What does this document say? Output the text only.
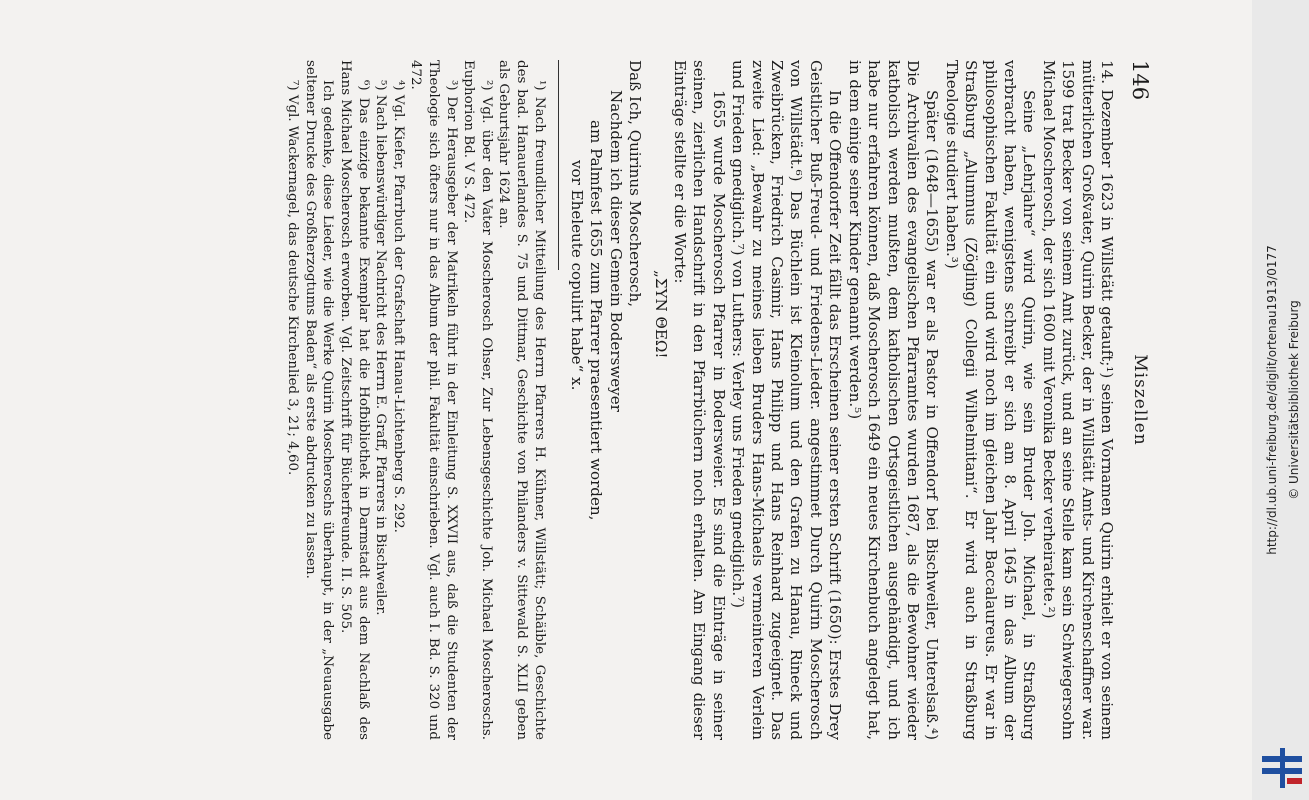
146
Miszellen

14. Dezember 1623 in Willstätt getauft;¹) seinen Vornamen Quirin erhielt er von seinem mütterlichen Großvater, Quirin Becker, der in Willstätt Amts- und Kirchenschaffner war. 1599 trat Becker von seinem Amt zurück, und an seine Stelle kam sein Schwiegersohn Michael Moscherosch, der sich 1600 mit Veronika Becker verheiratete.²)

Seine „Lehrjahre“ wird Quirin, wie sein Bruder Joh. Michael, in Straßburg verbracht haben, wenigstens schreibt er sich am 8. April 1645 in das Album der philosophischen Fakultät ein und wird noch im gleichen Jahr Baccalaureus. Er war in Straßburg „Alumnus (Zögling) Collegii Wilhelmitani“. Er wird auch in Straßburg Theologie studiert haben.³)

Später (1648—1655) war er als Pastor in Offendorf bei Bischweiler, Unterelsaß.⁴) Die Archivalien des evangelischen Pfarramtes wurden 1687, als die Bewohner wieder katholisch werden mußten, dem katholischen Ortsgeistlichen ausgehändigt, und ich habe nur erfahren können, daß Moscherosch 1649 ein neues Kirchenbuch angelegt hat, in dem einige seiner Kinder genannt werden.⁵)

In die Offendorfer Zeit fällt das Erscheinen seiner ersten Schrift (1650): Erstes Drey Geistlicher Buß-Freud- und Friedens-Lieder. angestimmet Durch Quirin Moscherosch von Willstädt.⁶) Das Büchlein ist Kleinolum und den Grafen zu Hanau, Rineck und Zweibrücken, Friedrich Casimir, Hans Philipp und Hans Reinhard zugeeignet. Das zweite Lied: „Bewahr zu meines lieben Bruders Hans-Michaels vermeinteren Verlein und Frieden gnediglich.⁷) von Luthers: Verley uns Frieden gnediglich.⁷)

1655 wurde Moscherosch Pfarrer in Bodersweier. Es sind die Einträge in seiner seinen, zierlichen Handschrift in den Pfarrbüchern noch erhalten. Am Eingang dieser Einträge stellte er die Worte:

„ΣΥΝ ΘΕΩ!

Daß Ich, Quirinus Moscherosch,
Nachdem ich dieser Gemein Bodersweyer
am Palmfest 1655 zum Pfarrer praesentiert worden,
vor Eheleute copulirt habe“ x.

¹) Nach freundlicher Mitteilung des Herrn Pfarrers H. Kühner, Willstätt; Schäible, Geschichte des bad. Hanauerlandes S. 75 und Dittmar, Geschichte von Philanders v. Sittewald S. XLII geben als Geburtsjahr 1624 an.

²) Vgl. über den Vater Moscherosch Ohser, Zur Lebensgeschichte Joh. Michael Moscheroschs. Euphorion Bd. V S. 472.

³) Der Herausgeber der Matrikeln führt in der Einleitung S. XXVII aus, daß die Studenten der Theologie sich öfters nur in das Album der phil. Fakultät einschrieben. Vgl. auch I. Bd. S. 320 und 472.

⁴) Vgl. Kiefer, Pfarrbuch der Grafschaft Hanau-Lichtenberg S. 292.

⁵) Nach liebenswürdiger Nachricht des Herrn E. Graff, Pfarrers in Bischweiler.

⁶) Das einzige bekannte Exemplar hat die Hofbibliothek in Darmstadt aus dem Nachlaß des Hans Michael Moscherosch erworben. Vgl. Zeitschrift für Bücherfreunde. II. S. 505.

Ich gedenke, diese Lieder, wie die Werke Quirin Moscheroschs überhaupt, in der „Neuausgabe seltener Drucke des Großherzogtums Baden“ als erste abdrucken zu lassen.

⁷) Vgl. Wackernagel, das deutsche Kirchenlied 3, 21; 4,60.	http://dl.ub.uni-freiburg.de/diglit/ortenau1913/0177 © Universitätsbibliothek Freiburg
